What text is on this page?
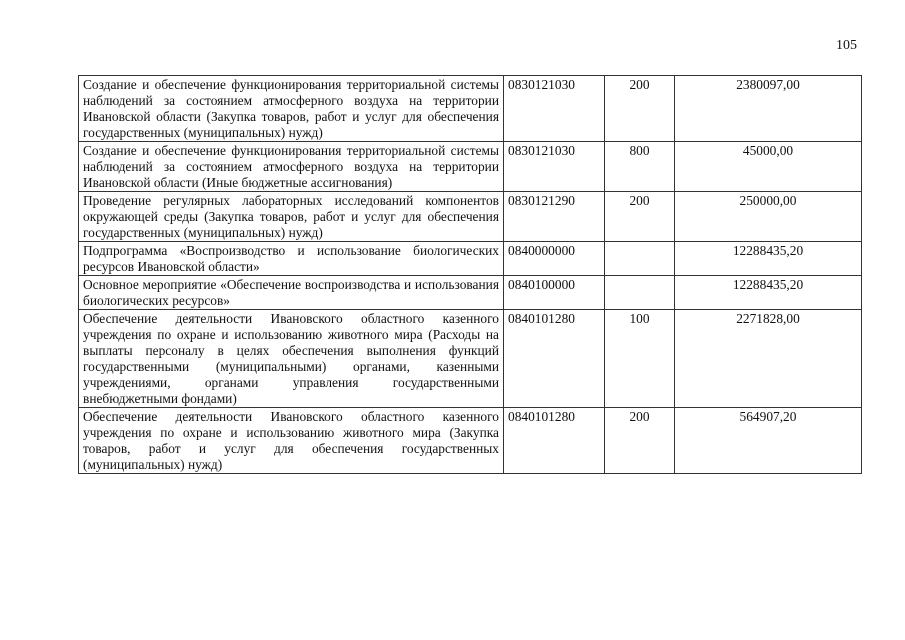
105
Создание и обеспечение функционирования территориальной системы наблюдений за состоянием атмосферного воздуха на территории Ивановской области (Закупка товаров, работ и услуг для обеспечения государственных (муниципальных) нужд)	0830121030	200	2380097,00
Создание и обеспечение функционирования территориальной системы наблюдений за состоянием атмосферного воздуха на территории Ивановской области (Иные бюджетные ассигнования)	0830121030	800	45000,00
Проведение регулярных лабораторных исследований компонентов окружающей среды (Закупка товаров, работ и услуг для обеспечения государственных (муниципальных) нужд)	0830121290	200	250000,00
Подпрограмма «Воспроизводство и использование биологических ресурсов Ивановской области»	0840000000		12288435,20
Основное мероприятие «Обеспечение воспроизводства и использования биологических ресурсов»	0840100000		12288435,20
Обеспечение деятельности Ивановского областного казенного учреждения по охране и использованию животного мира (Расходы на выплаты персоналу в целях обеспечения выполнения функций государственными (муниципальными) органами, казенными учреждениями, органами управления государственными внебюджетными фондами)	0840101280	100	2271828,00
Обеспечение деятельности Ивановского областного казенного учреждения по охране и использованию животного мира (Закупка товаров, работ и услуг для обеспечения государственных (муниципальных) нужд)	0840101280	200	564907,20
